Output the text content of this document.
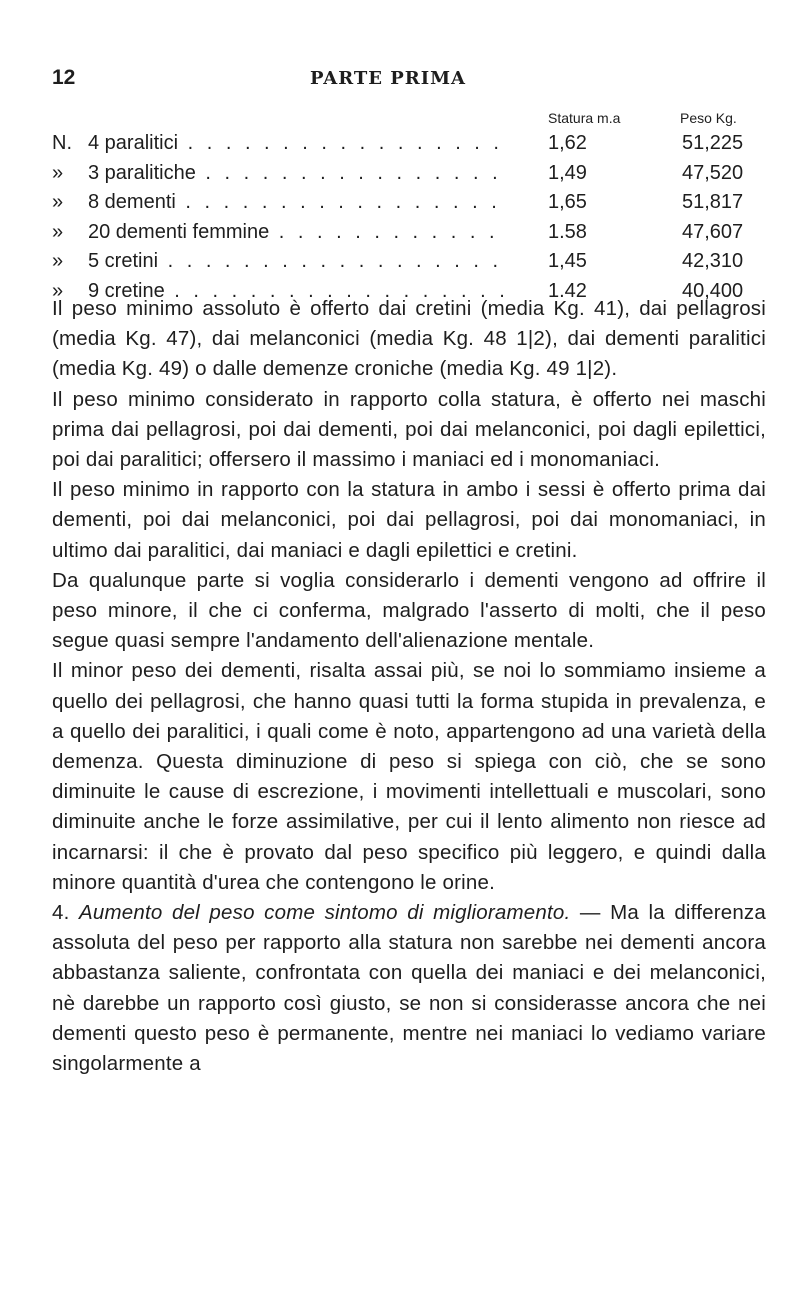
12	PARTE PRIMA
Statura m.a	Peso Kg.
N. 4 paralitici . . .	1,62	51,225
»	3 paralitiche . . .	1,49	47,520
»	8 dementi . . .	1,65	51,817
»	20 dementi femmine . . .	1.58	47,607
»	5 cretini . . .	1,45	42,310
»	9 cretine . . .	1.42	40,400

Il peso minimo assoluto è offerto dai cretini (media Kg. 41), dai pellagrosi (media Kg. 47), dai melanconici (media Kg. 48 1|2), dai dementi paralitici (media Kg. 49) o dalle demenze croniche (media Kg. 49 1|2).

Il peso minimo considerato in rapporto colla statura, è offerto nei maschi prima dai pellagrosi, poi dai dementi, poi dai melanconici, poi dagli epilettici, poi dai paralitici; offersero il massimo i maniaci ed i monomaniaci.

Il peso minimo in rapporto con la statura in ambo i sessi è offerto prima dai dementi, poi dai melanconici, poi dai pellagrosi, poi dai monomaniaci, in ultimo dai paralitici, dai maniaci e dagli epilettici e cretini.

Da qualunque parte si voglia considerarlo i dementi vengono ad offrire il peso minore, il che ci conferma, malgrado l'asserto di molti, che il peso segue quasi sempre l'andamento dell'alienazione mentale.

Il minor peso dei dementi, risalta assai più, se noi lo sommiamo insieme a quello dei pellagrosi, che hanno quasi tutti la forma stupida in prevalenza, e a quello dei paralitici, i quali come è noto, appartengono ad una varietà della demenza. Questa diminuzione di peso si spiega con ciò, che se sono diminuite le cause di escrezione, i movimenti intellettuali e muscolari, sono diminuite anche le forze assimilative, per cui il lento alimento non riesce ad incarnarsi: il che è provato dal peso specifico più leggero, e quindi dalla minore quantità d'urea che contengono le orine.

4. Aumento del peso come sintomo di miglioramento. — Ma la differenza assoluta del peso per rapporto alla statura non sarebbe nei dementi ancora abbastanza saliente, confrontata con quella dei maniaci e dei melanconici, nè darebbe un rapporto così giusto, se non si considerasse ancora che nei dementi questo peso è permanente, mentre nei maniaci lo vediamo variare singolarmente a
